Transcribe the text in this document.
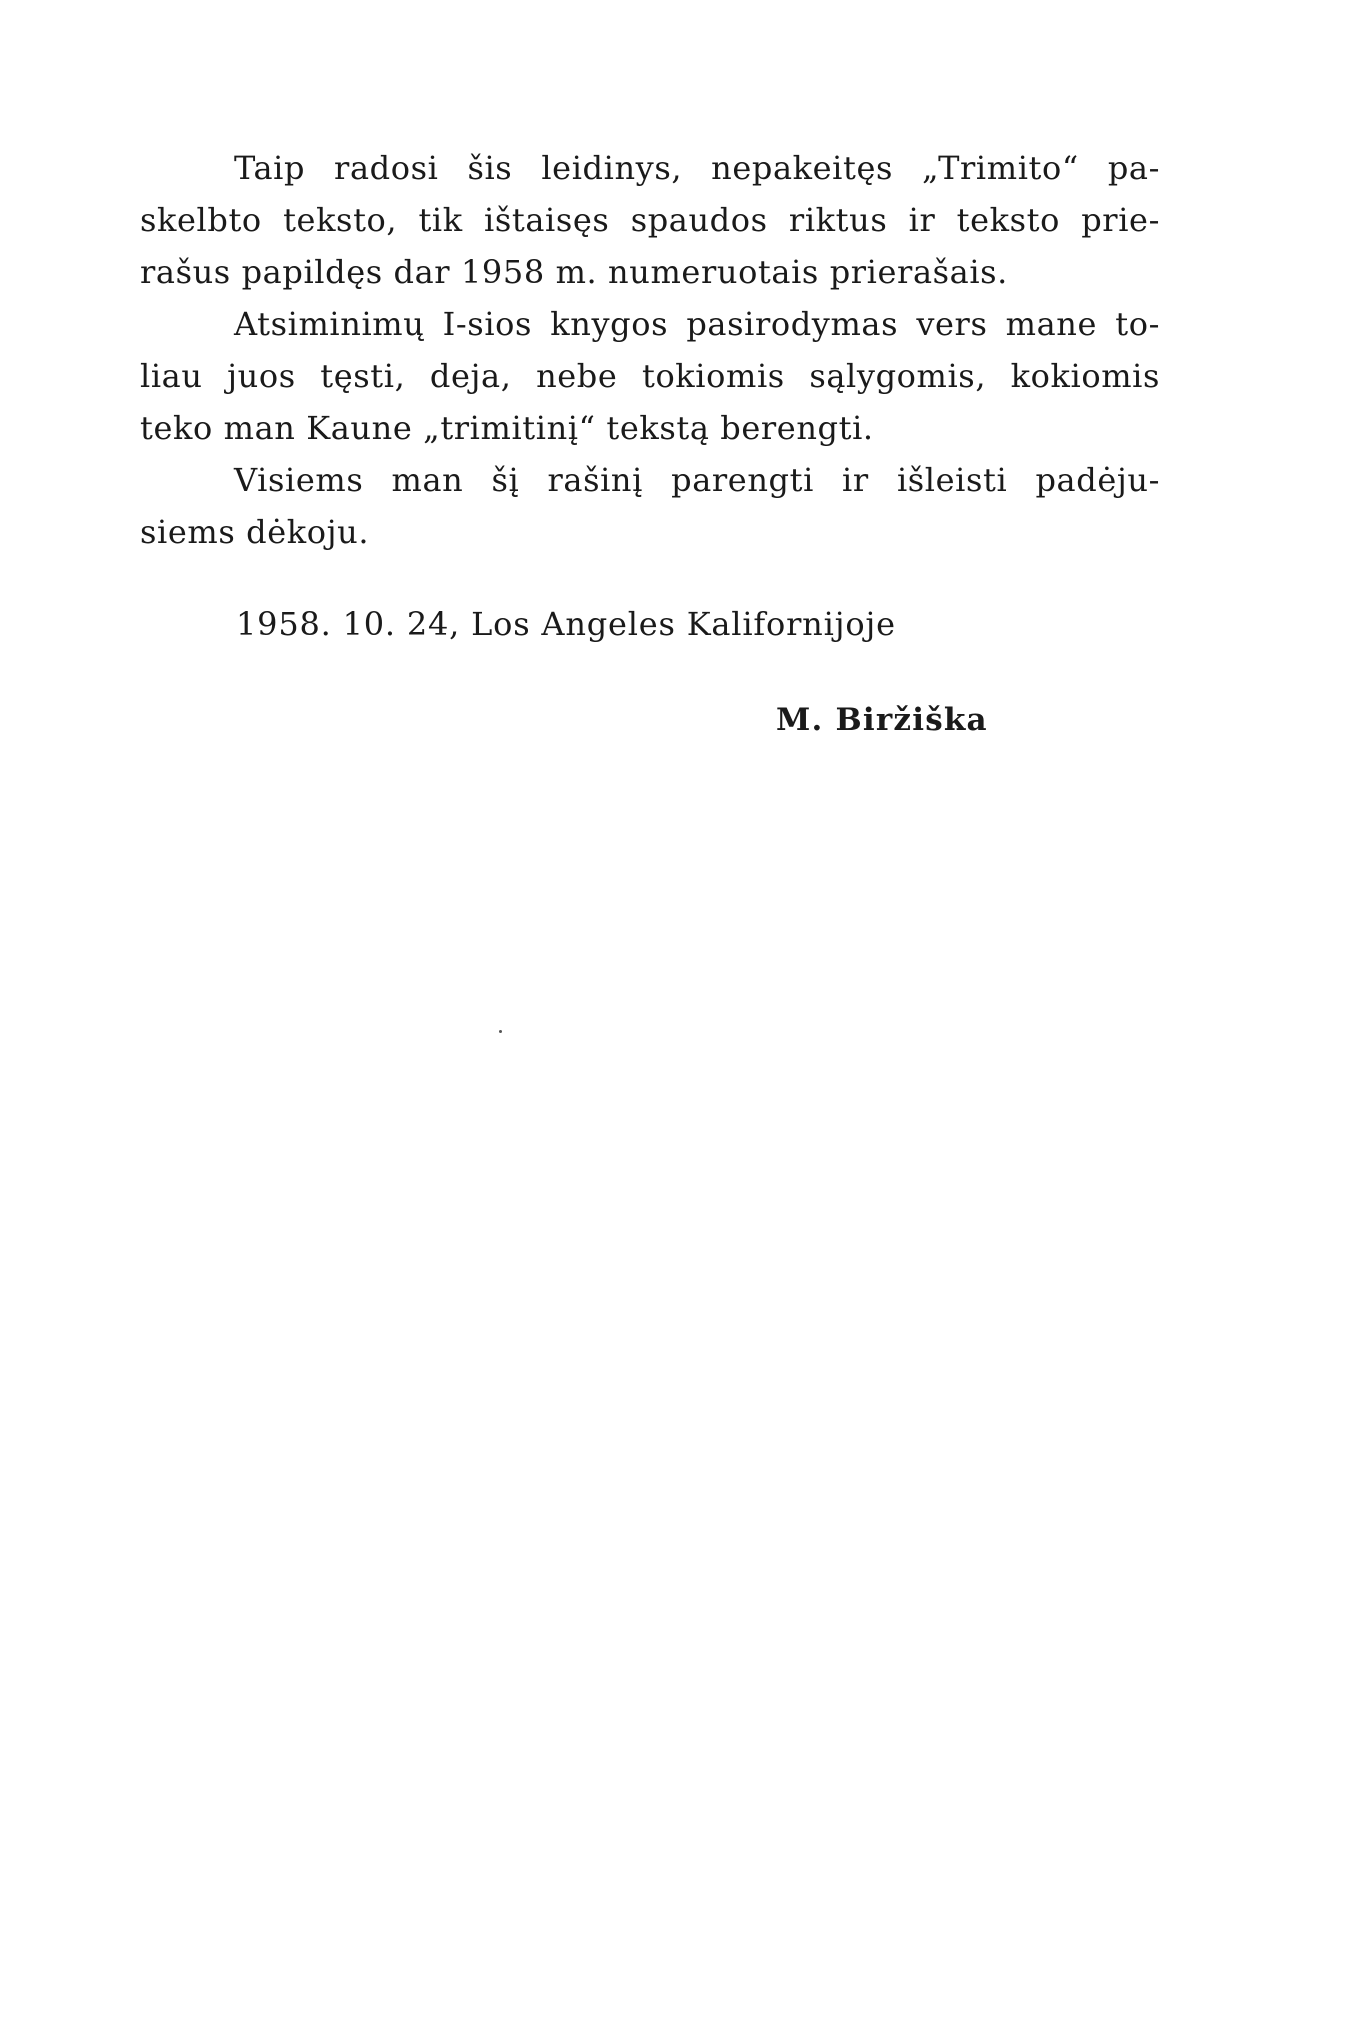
Taip radosi šis leidinys, nepakeitęs „Trimito“ pa-
skelbto teksto, tik ištaisęs spaudos riktus ir teksto prie-
rašus papildęs dar 1958 m. numeruotais prierašais.
Atsiminimų I-sios knygos pasirodymas vers mane to-
liau juos tęsti, deja, nebe tokiomis sąlygomis, kokiomis
teko man Kaune „trimitinį“ tekstą berengti.
Visiems man šį rašinį parengti ir išleisti padėju-
siems dėkoju.
1958. 10. 24, Los Angeles Kalifornijoje
M. Biržiška
